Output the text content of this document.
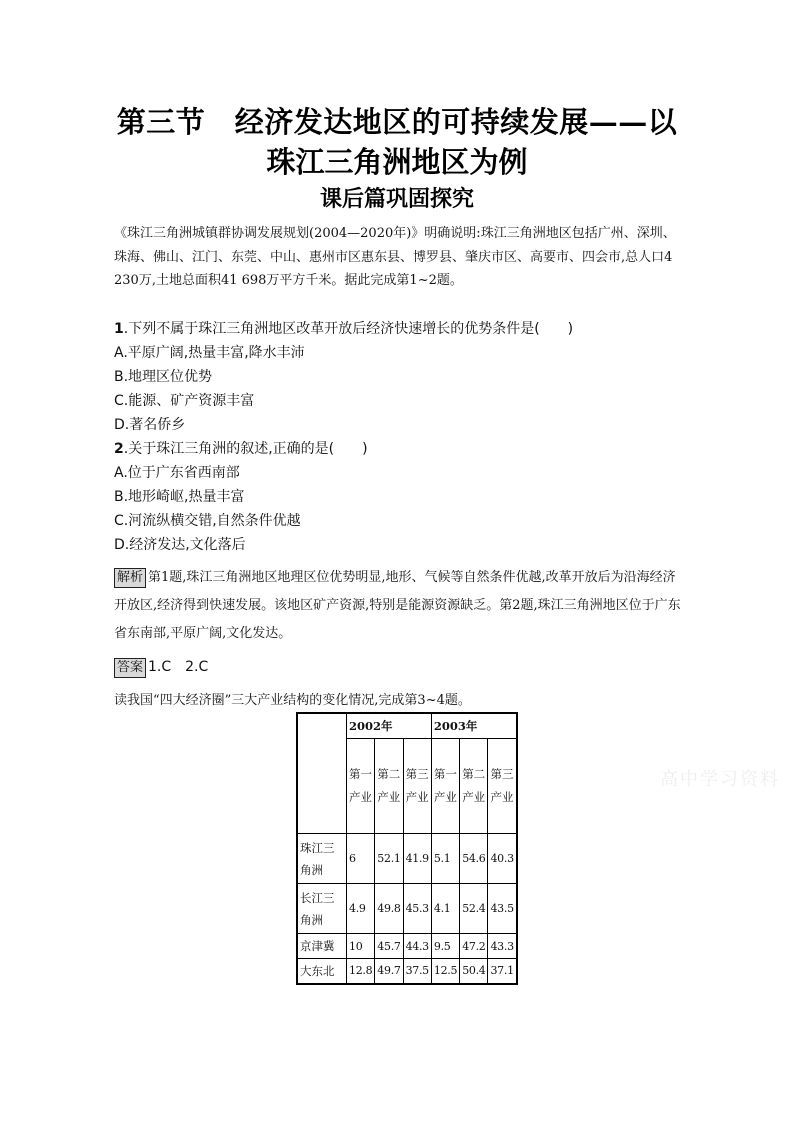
第三节　经济发达地区的可持续发展——以
珠江三角洲地区为例
课后篇巩固探究
《珠江三角洲城镇群协调发展规划(2004—2020年)》明确说明:珠江三角洲地区包括广州、深圳、珠海、佛山、江门、东莞、中山、惠州市区惠东县、博罗县、肇庆市区、高要市、四会市,总人口4 230万,土地总面积41 698万平方千米。据此完成第1~2题。
1.下列不属于珠江三角洲地区改革开放后经济快速增长的优势条件是(　　)
A.平原广阔,热量丰富,降水丰沛
B.地理区位优势
C.能源、矿产资源丰富
D.著名侨乡
2.关于珠江三角洲的叙述,正确的是(　　)
A.位于广东省西南部
B.地形崎岖,热量丰富
C.河流纵横交错,自然条件优越
D.经济发达,文化落后
解析 第1题,珠江三角洲地区地理区位优势明显,地形、气候等自然条件优越,改革开放后为沿海经济开放区,经济得到快速发展。该地区矿产资源,特别是能源资源缺乏。第2题,珠江三角洲地区位于广东省东南部,平原广阔,文化发达。
答案 1.C　2.C
读我国“四大经济圈”三大产业结构的变化情况,完成第3~4题。
	2002年			2003年		
	第一产业	第二产业	第三产业	第一产业	第二产业	第三产业
珠江三角洲	6	52.1	41.9	5.1	54.6	40.3
长江三角洲	4.9	49.8	45.3	4.1	52.4	43.5
京津冀	10	45.7	44.3	9.5	47.2	43.3
大东北	12.8	49.7	37.5	12.5	50.4	37.1
高中学习资料
